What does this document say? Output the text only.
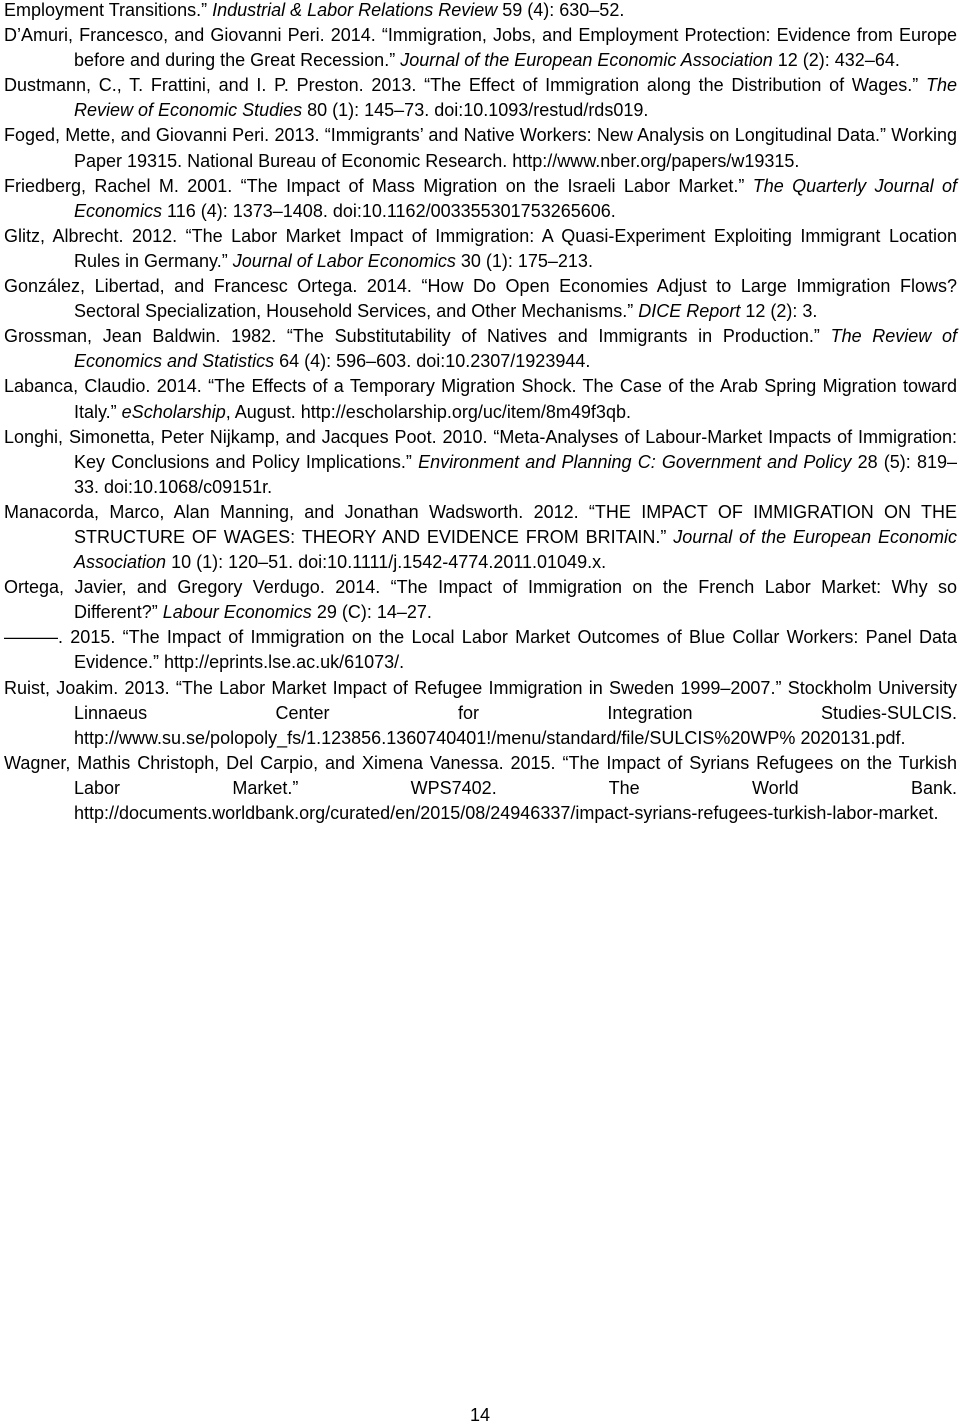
Employment Transitions.” Industrial & Labor Relations Review 59 (4): 630–52.

D’Amuri, Francesco, and Giovanni Peri. 2014. “Immigration, Jobs, and Employment Protection: Evidence from Europe before and during the Great Recession.” Journal of the European Economic Association 12 (2): 432–64.

Dustmann, C., T. Frattini, and I. P. Preston. 2013. “The Effect of Immigration along the Distribution of Wages.” The Review of Economic Studies 80 (1): 145–73. doi:10.1093/restud/rds019.

Foged, Mette, and Giovanni Peri. 2013. “Immigrants’ and Native Workers: New Analysis on Longitudinal Data.” Working Paper 19315. National Bureau of Economic Research. http://www.nber.org/papers/w19315.

Friedberg, Rachel M. 2001. “The Impact of Mass Migration on the Israeli Labor Market.” The Quarterly Journal of Economics 116 (4): 1373–1408. doi:10.1162/003355301753265606.

Glitz, Albrecht. 2012. “The Labor Market Impact of Immigration: A Quasi-Experiment Exploiting Immigrant Location Rules in Germany.” Journal of Labor Economics 30 (1): 175–213.

González, Libertad, and Francesc Ortega. 2014. “How Do Open Economies Adjust to Large Immigration Flows? Sectoral Specialization, Household Services, and Other Mechanisms.” DICE Report 12 (2): 3.

Grossman, Jean Baldwin. 1982. “The Substitutability of Natives and Immigrants in Production.” The Review of Economics and Statistics 64 (4): 596–603. doi:10.2307/1923944.

Labanca, Claudio. 2014. “The Effects of a Temporary Migration Shock. The Case of the Arab Spring Migration toward Italy.” eScholarship, August. http://escholarship.org/uc/item/8m49f3qb.

Longhi, Simonetta, Peter Nijkamp, and Jacques Poot. 2010. “Meta-Analyses of Labour-Market Impacts of Immigration: Key Conclusions and Policy Implications.” Environment and Planning C: Government and Policy 28 (5): 819–33. doi:10.1068/c09151r.

Manacorda, Marco, Alan Manning, and Jonathan Wadsworth. 2012. “THE IMPACT OF IMMIGRATION ON THE STRUCTURE OF WAGES: THEORY AND EVIDENCE FROM BRITAIN.” Journal of the European Economic Association 10 (1): 120–51. doi:10.1111/j.1542-4774.2011.01049.x.

Ortega, Javier, and Gregory Verdugo. 2014. “The Impact of Immigration on the French Labor Market: Why so Different?” Labour Economics 29 (C): 14–27.

———. 2015. “The Impact of Immigration on the Local Labor Market Outcomes of Blue Collar Workers: Panel Data Evidence.” http://eprints.lse.ac.uk/61073/.

Ruist, Joakim. 2013. “The Labor Market Impact of Refugee Immigration in Sweden 1999–2007.” Stockholm University Linnaeus Center for Integration Studies-SULCIS. http://www.su.se/polopoly_fs/1.123856.1360740401!/menu/standard/file/SULCIS%20WP% 2020131.pdf.

Wagner, Mathis Christoph, Del Carpio, and Ximena Vanessa. 2015. “The Impact of Syrians Refugees on the Turkish Labor Market.” WPS7402. The World Bank. http://documents.worldbank.org/curated/en/2015/08/24946337/impact-syrians-refugees-turkish-labor-market.

14
